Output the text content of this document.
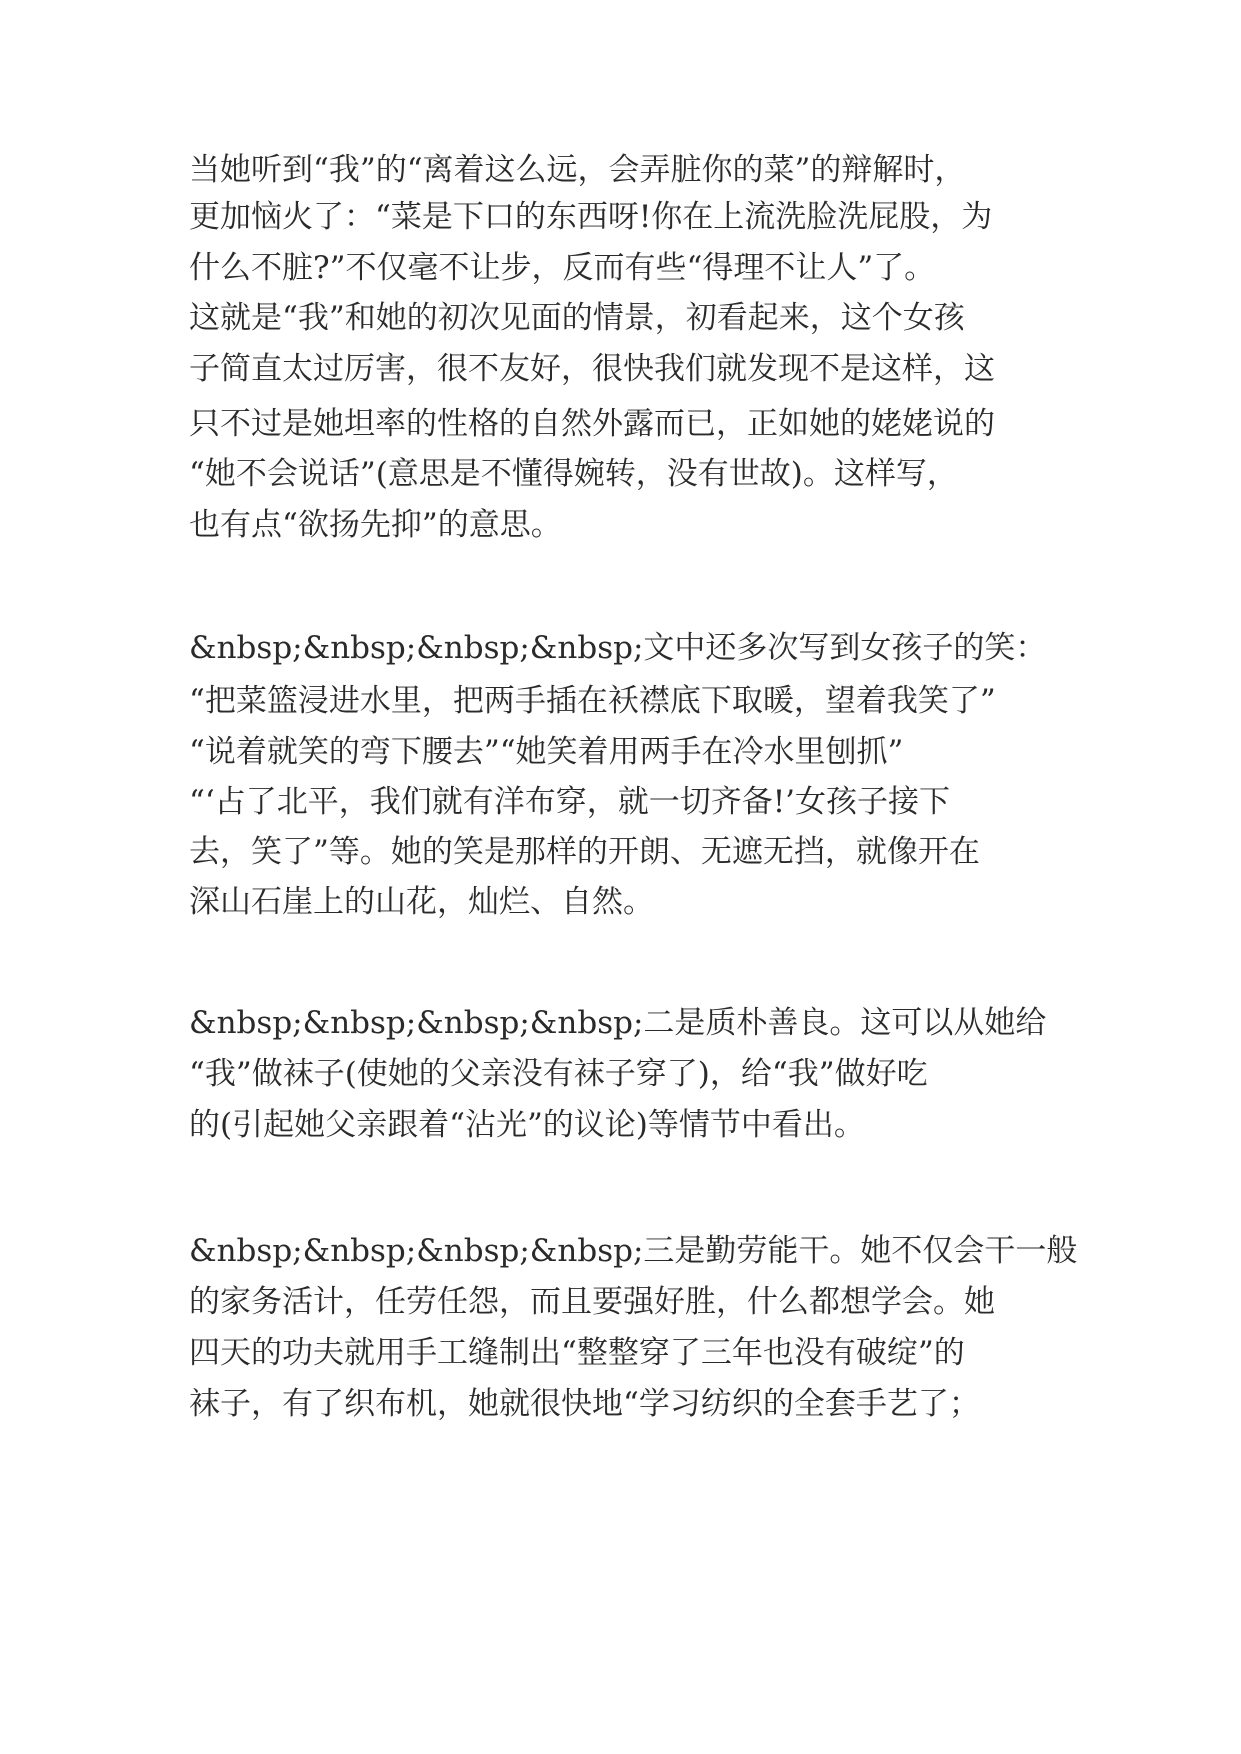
当她听到“我”的“离着这么远，会弄脏你的菜”的辩解时，

更加恼火了：“菜是下口的东西呀!你在上流洗脸洗屁股，为

什么不脏?”不仅毫不让步，反而有些“得理不让人”了。

这就是“我”和她的初次见面的情景，初看起来，这个女孩

子简直太过厉害，很不友好，很快我们就发现不是这样，这

只不过是她坦率的性格的自然外露而已，正如她的姥姥说的

“她不会说话”(意思是不懂得婉转，没有世故)。这样写，

也有点“欲扬先抑”的意思。

&nbsp;&nbsp;&nbsp;&nbsp;文中还多次写到女孩子的笑：

“把菜篮浸进水里，把两手插在袄襟底下取暖，望着我笑了”

“说着就笑的弯下腰去”“她笑着用两手在冷水里刨抓”

“‘占了北平，我们就有洋布穿，就一切齐备!’女孩子接下

去，笑了”等。她的笑是那样的开朗、无遮无挡，就像开在

深山石崖上的山花，灿烂、自然。

&nbsp;&nbsp;&nbsp;&nbsp;二是质朴善良。这可以从她给

“我”做袜子(使她的父亲没有袜子穿了)，给“我”做好吃

的(引起她父亲跟着“沾光”的议论)等情节中看出。

&nbsp;&nbsp;&nbsp;&nbsp;三是勤劳能干。她不仅会干一般

的家务活计，任劳任怨，而且要强好胜，什么都想学会。她

四天的功夫就用手工缝制出“整整穿了三年也没有破绽”的

袜子，有了织布机，她就很快地“学习纺织的全套手艺了；
